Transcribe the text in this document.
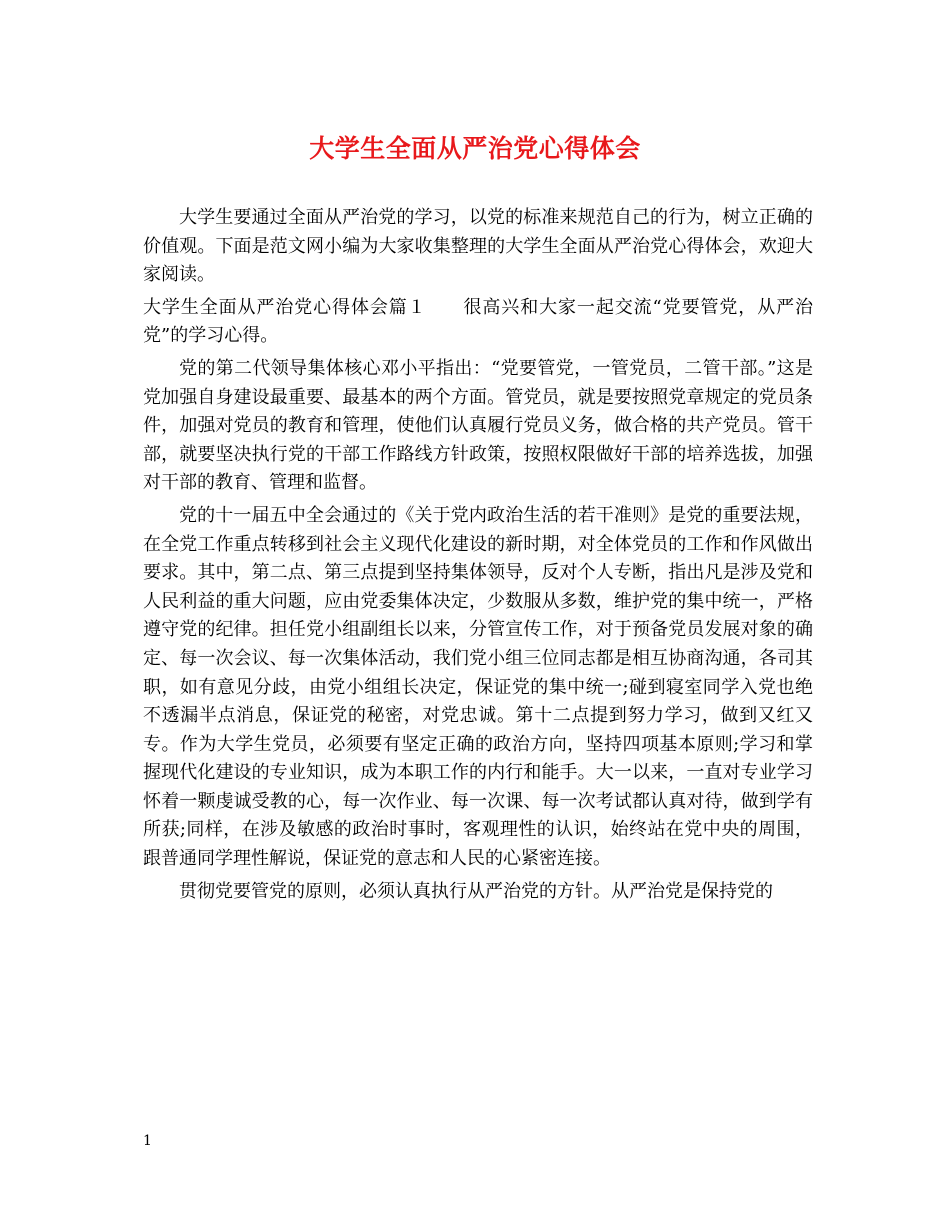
大学生全面从严治党心得体会

大学生要通过全面从严治党的学习，以党的标准来规范自己的行为，树立正确的价值观。下面是范文网小编为大家收集整理的大学生全面从严治党心得体会，欢迎大家阅读。

大学生全面从严治党心得体会篇１ 很高兴和大家一起交流“党要管党，从严治党”的学习心得。

党的第二代领导集体核心邓小平指出：“党要管党，一管党员，二管干部。”这是党加强自身建设最重要、最基本的两个方面。管党员，就是要按照党章规定的党员条件，加强对党员的教育和管理，使他们认真履行党员义务，做合格的共产党员。管干部，就要坚决执行党的干部工作路线方针政策，按照权限做好干部的培养选拔，加强对干部的教育、管理和监督。

党的十一届五中全会通过的《关于党内政治生活的若干准则》是党的重要法规，在全党工作重点转移到社会主义现代化建设的新时期，对全体党员的工作和作风做出要求。其中，第二点、第三点提到坚持集体领导，反对个人专断，指出凡是涉及党和人民利益的重大问题，应由党委集体决定，少数服从多数，维护党的集中统一，严格遵守党的纪律。担任党小组副组长以来，分管宣传工作，对于预备党员发展对象的确定、每一次会议、每一次集体活动，我们党小组三位同志都是相互协商沟通，各司其职，如有意见分歧，由党小组组长决定，保证党的集中统一;碰到寝室同学入党也绝不透漏半点消息，保证党的秘密，对党忠诚。第十二点提到努力学习，做到又红又专。作为大学生党员，必须要有坚定正确的政治方向，坚持四项基本原则;学习和掌握现代化建设的专业知识，成为本职工作的内行和能手。大一以来，一直对专业学习怀着一颗虔诚受教的心，每一次作业、每一次课、每一次考试都认真对待，做到学有所获;同样，在涉及敏感的政治时事时，客观理性的认识，始终站在党中央的周围，跟普通同学理性解说，保证党的意志和人民的心紧密连接。

贯彻党要管党的原则，必须认真执行从严治党的方针。从严治党是保持党的

1
